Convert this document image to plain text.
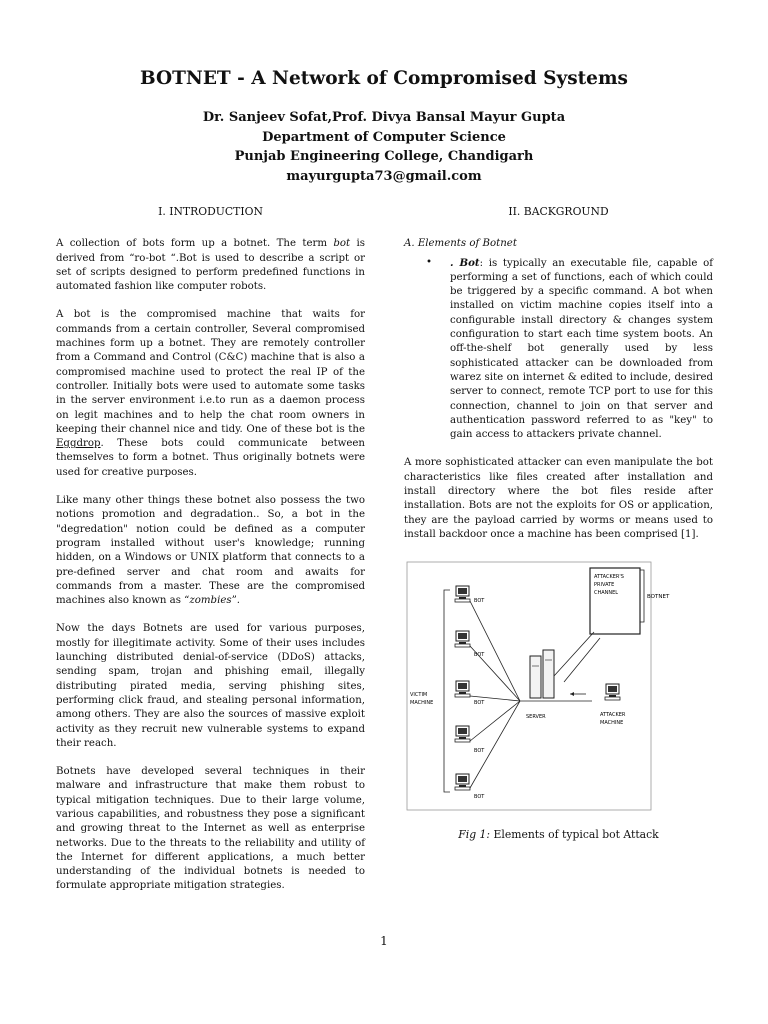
BOTNET - A Network of Compromised Systems
Dr. Sanjeev Sofat,Prof. Divya Bansal Mayur Gupta
Department of Computer Science
Punjab Engineering College, Chandigarh
mayurgupta73@gmail.com
I. INTRODUCTION

A collection of bots form up a botnet. The term bot is derived from “ro-bot “.Bot is used to describe a script or set of scripts designed to perform predefined functions in automated fashion like computer robots.

A bot is the compromised machine that waits for commands from a certain controller, Several compromised machines form up a botnet. They are remotely controller from a Command and Control (C&C) machine that is also a compromised machine used to protect the real IP of the controller. Initially bots were used to automate some tasks in the server environment i.e.to run as a daemon process on legit machines and to help the chat room owners in keeping their channel nice and tidy. One of these bot is the Eggdrop. These bots could communicate between themselves to form a botnet. Thus originally botnets were used for creative purposes.

Like many other things these botnet also possess the two notions promotion and degradation.. So, a bot in the "degredation" notion could be defined as a computer program installed without user's knowledge; running hidden, on a Windows or UNIX platform that connects to a pre-defined server and chat room and awaits for commands from a master. These are the compromised machines also known as “zombies”.

Now the days Botnets are used for various purposes, mostly for illegitimate activity. Some of their uses includes launching distributed denial-of-service (DDoS) attacks, sending spam, trojan and phishing email, illegally distributing pirated media, serving phishing sites, performing click fraud, and stealing personal information, among others. They are also the sources of massive exploit activity as they recruit new vulnerable systems to expand their reach.

Botnets have developed several techniques in their malware and infrastructure that make them robust to typical mitigation techniques. Due to their large volume, various capabilities, and robustness they pose a significant and growing threat to the Internet as well as enterprise networks. Due to the threats to the reliability and utility of the Internet for different applications, a much better understanding of the individual botnets is needed to formulate appropriate mitigation strategies.

II. BACKGROUND
A. Elements of Botnet
• . Bot: is typically an executable file, capable of performing a set of functions, each of which could be triggered by a specific command. A bot when installed on victim machine copies itself into a configurable install directory & changes system configuration to start each time system boots. An off-the-shelf bot generally used by less sophisticated attacker can be downloaded from warez site on internet & edited to include, desired server to connect, remote TCP port to use for this connection, channel to join on that server and authentication password referred to as "key" to gain access to attackers private channel.

A more sophisticated attacker can even manipulate the bot characteristics like files created after installation and install directory where the bot files reside after installation. Bots are not the exploits for OS or application, they are the payload carried by worms or means used to install backdoor once a machine has been comprised [1].

ATTACKER'S
PRIVATE
CHANNEL
BOTNET
BOT
BOT
BOT
BOT
BOT
VICTIM
MACHINE
SERVER	ATTACKER
MACHINE
Fig 1: Elements of typical bot Attack
1
